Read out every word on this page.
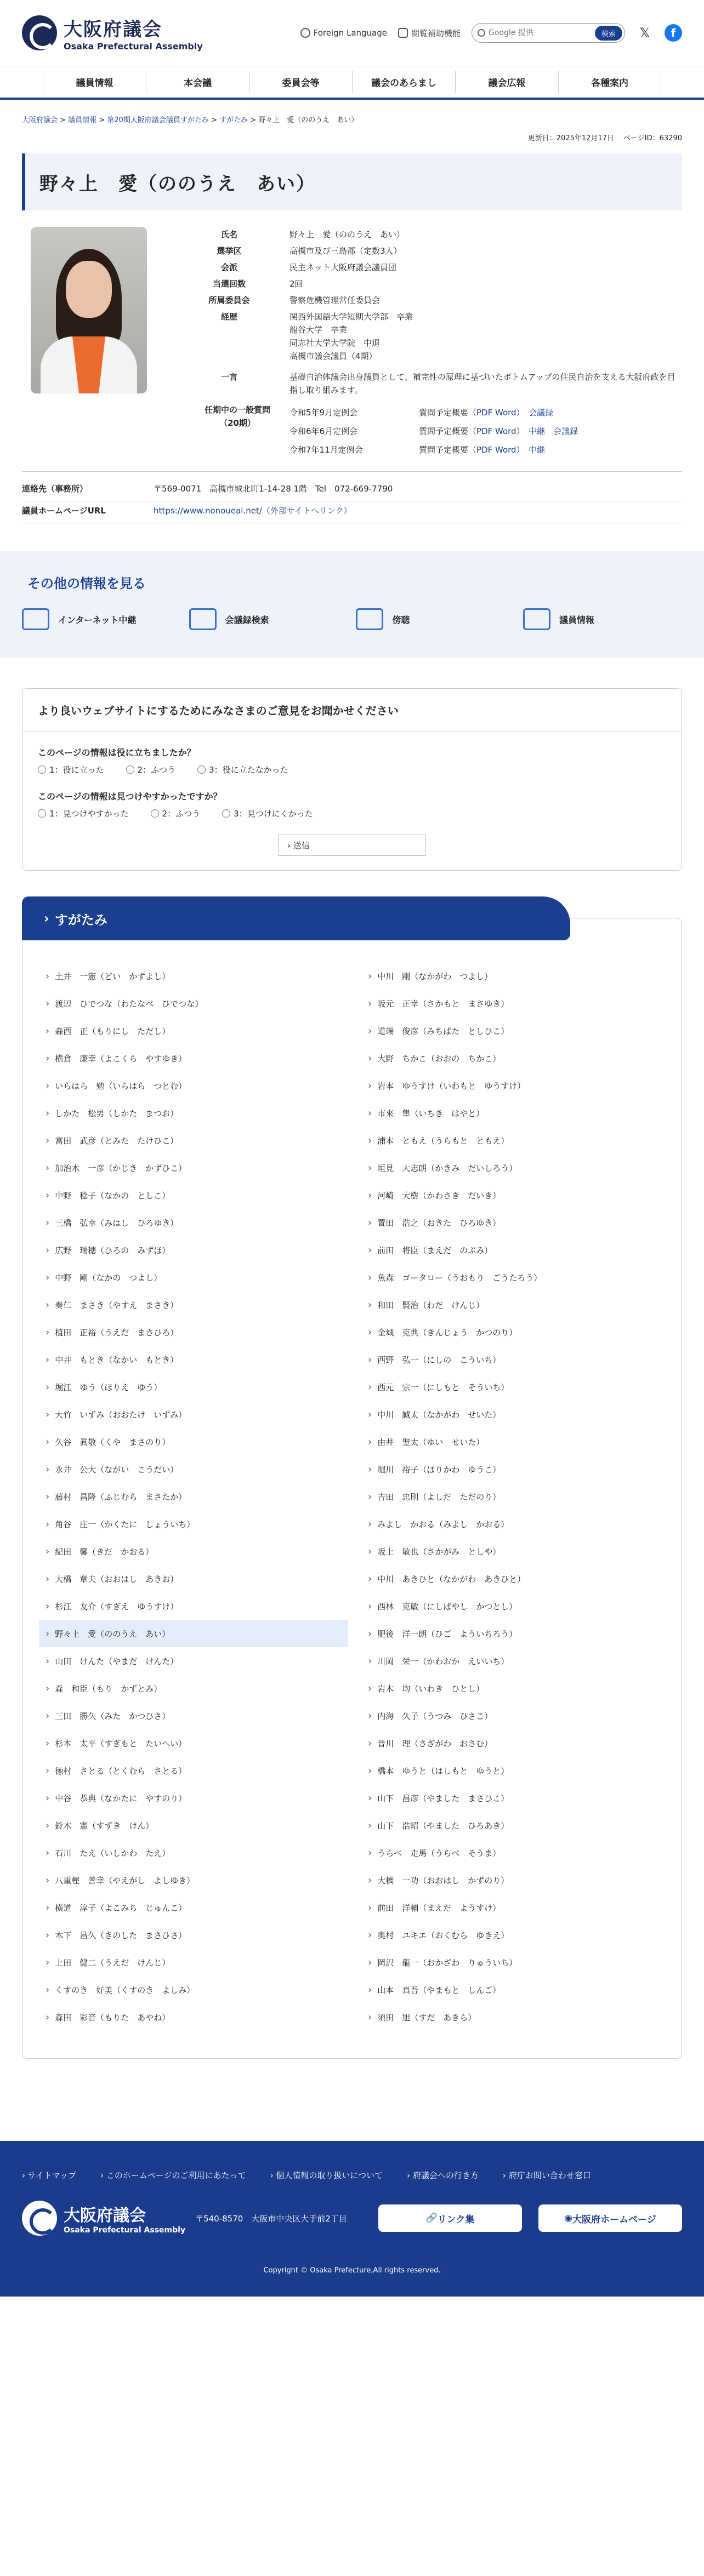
大阪府議会
Osaka Prefectural Assembly
Foreign Language	閲覧補助機能
Google 提供	検索	𝕏	f
議員情報	本会議	委員会等	議会のあらまし	議会広報	各種案内
大阪府議会 > 議員情報 > 第20期大阪府議会議員すがたみ > すがたみ > 野々上　愛（ののうえ　あい）
更新日：2025年12月17日　 ページID：63290
野々上　愛（ののうえ　あい）
氏名	野々上　愛（ののうえ　あい）
選挙区	高槻市及び三島郡（定数3人）
会派	民主ネット大阪府議会議員団
当選回数	2回
所属委員会	警察危機管理常任委員会
経歴	関西外国語大学短期大学部　卒業
龍谷大学　卒業
同志社大学大学院　中退
高槻市議会議員（4期）
一言	基礎自治体議会出身議員として、補完性の原理に基づいたボトムアップの住民自治を支える大阪府政を目指し取り組みます。
任期中の一般質問（20期）
令和5年9月定例会	質問予定概要（PDF Word）　 会議録
令和6年6月定例会	質問予定概要（PDF Word）　 中継　会議録
令和7年11月定例会	質問予定概要（PDF Word）　 中継
連絡先（事務所）	〒569-0071　高槻市城北町1-14-28 1階　Tel　072-669-7790
議員ホームページURL	https://www.nonoueai.net/（外部サイトへリンク）
その他の情報を見る
インターネット中継	会議録検索	傍聴	議員情報
より良いウェブサイトにするためにみなさまのご意見をお聞かせください
このページの情報は役に立ちましたか？
1：役に立った	2：ふつう	3：役に立たなかった
このページの情報は見つけやすかったですか？
1：見つけやすかった	2：ふつう	3：見つけにくかった
› 送信
› すがたみ
› 土井　一憲（どい　かずよし）
› 渡辺　ひでつな（わたなべ　ひでつな）
› 森西　正（もりにし　ただし）
› 横倉　廉幸（よこくら　やすゆき）
› いらはら　勉（いらはら　つとむ）
› しかた　松男（しかた　まつお）
› 富田　武彦（とみた　たけひこ）
› 加治木　一彦（かじき　かずひこ）
› 中野　稔子（なかの　としこ）
› 三橋　弘幸（みはし　ひろゆき）
› 広野　瑞穂（ひろの　みずほ）
› 中野　剛（なかの　つよし）
› 奏仁　まさき（やすえ　まさき）
› 植田　正裕（うえだ　まさひろ）
› 中井　もとき（なかい　もとき）
› 堀江　ゆう（ほりえ　ゆう）
› 大竹　いずみ（おおたけ　いずみ）
› 久谷　眞敬（くや　まさのり）
› 永井　公大（ながい　こうだい）
› 藤村　昌隆（ふじむら　まさたか）
› 角谷　庄一（かくたに　しょういち）
› 紀田　馨（きだ　かおる）
› 大橋　章夫（おおはし　あきお）
› 杉江　友介（すぎえ　ゆうすけ）
› 野々上　愛（ののうえ　あい）
› 山田　けんた（やまだ　けんた）
› 森　和臣（もり　かずとみ）
› 三田　勝久（みた　かつひさ）
› 杉本　太平（すぎもと　たいへい）
› 徳村　さとる（とくむら　さとる）
› 中谷　恭典（なかたに　やすのり）
› 鈴木　憲（すずき　けん）
› 石川　たえ（いしかわ　たえ）
› 八重樫　善幸（やえがし　よしゆき）
› 横道　淳子（よこみち　じゅんこ）
› 木下　昌久（きのした　まさひさ）
› 上田　健二（うえだ　けんじ）
› くすのき　好美（くすのき　よしみ）
› 森田　彩音（もりた　あやね）
› 中川　剛（なかがわ　つよし）
› 坂元　正幸（さかもと　まさゆき）
› 道端　俊彦（みちばた　としひこ）
› 大野　ちかこ（おおの　ちかこ）
› 岩本　ゆうすけ（いわもと　ゆうすけ）
› 市來　隼（いちき　はやと）
› 浦本　ともえ（うらもと　ともえ）
› 垣見　大志朗（かきみ　だいしろう）
› 河崎　大樹（かわさき　だいき）
› 置田　浩之（おきた　ひろゆき）
› 前田　将臣（まえだ　のぶみ）
› 魚森　ゴータロー（うおもり　ごうたろう）
› 和田　賢治（わだ　けんじ）
› 金城　克典（きんじょう　かつのり）
› 西野　弘一（にしの　こういち）
› 西元　宗一（にしもと　そういち）
› 中川　誠太（なかがわ　せいた）
› 由井　聖太（ゆい　せいた）
› 堀川　裕子（ほりかわ　ゆうこ）
› 吉田　忠則（よしだ　ただのり）
› みよし　かおる（みよし　かおる）
› 坂上　敏也（さかがみ　としや）
› 中川　あきひと（なかがわ　あきひと）
› 西林　克敏（にしばやし　かつとし）
› 肥後　洋一朗（ひご　よういちろう）
› 川岡　栄一（かわおか　えいいち）
› 岩木　均（いわき　ひとし）
› 内海　久子（うつみ　ひさこ）
› 晉川　理（さざがわ　おさむ）
› 橋本　ゆうと（はしもと　ゆうと）
› 山下　昌彦（やました　まさひこ）
› 山下　浩昭（やました　ひろあき）
› うらべ　走馬（うらべ　そうま）
› 大橋　一功（おおはし　かずのり）
› 前田　洋輔（まえだ　ようすけ）
› 奥村　ユキエ（おくむら　ゆきえ）
› 岡沢　龍一（おかざわ　りゅういち）
› 山本　真吾（やまもと　しんご）
› 須田　旭（すだ　あきら）
› サイトマップ	› このホームページのご利用にあたって	› 個人情報の取り扱いについて	› 府議会への行き方	› 府庁お問い合わせ窓口
大阪府議会
Osaka Prefectural Assembly
〒540-8570　大阪市中央区大手前2丁目	🔗 リンク集	◉ 大阪府ホームページ
Copyright © Osaka Prefecture,All rights reserved.
